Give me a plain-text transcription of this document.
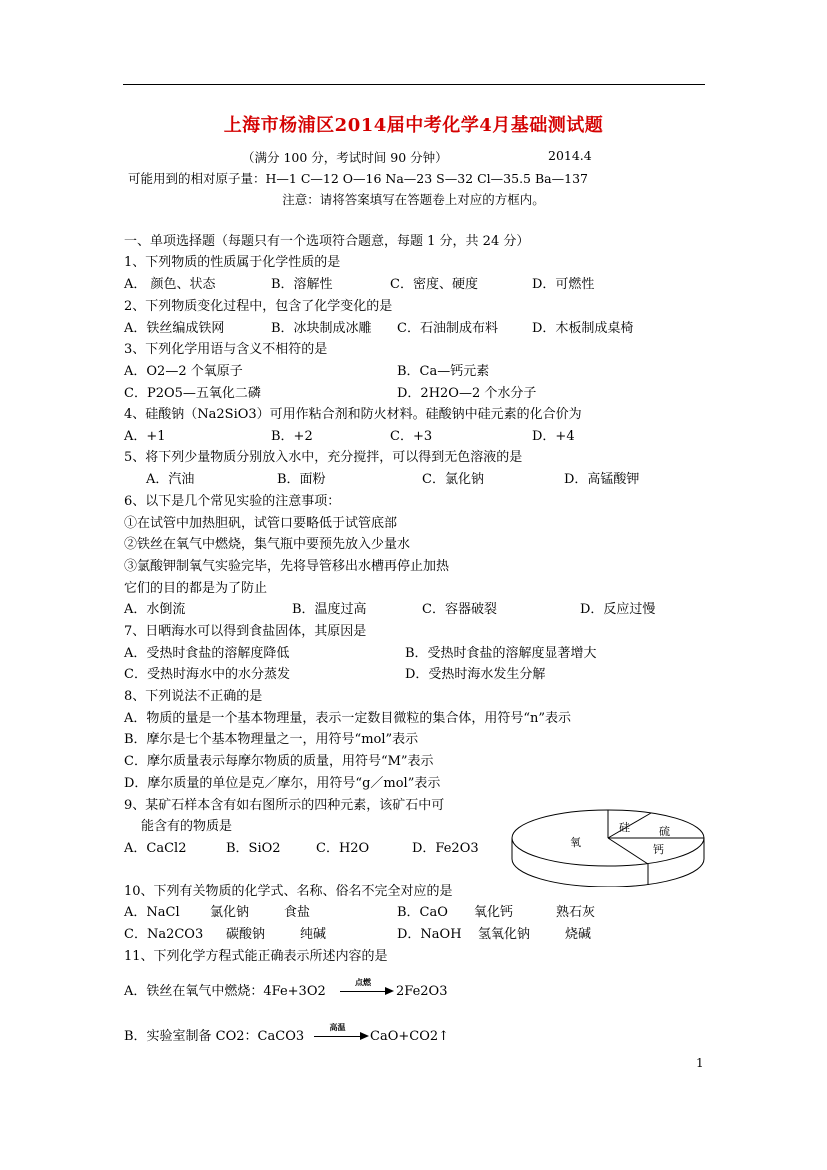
上海市杨浦区2014届中考化学4月基础测试题
（满分 100 分，考试时间 90 分钟）	2014.4
可能用到的相对原子量：H—1 C—12 O—16 Na—23 S—32 Cl—35.5 Ba—137
注意：请将答案填写在答题卷上对应的方框内。
一、单项选择题（每题只有一个选项符合题意，每题 1 分，共 24 分）
1、下列物质的性质属于化学性质的是
A． 颜色、状态	B．溶解性	C．密度、硬度	D．可燃性
2、下列物质变化过程中，包含了化学变化的是
A．铁丝编成铁网	B．冰块制成冰雕 C．石油制成布料	D．木板制成桌椅
3、下列化学用语与含义不相符的是
A．O2—2 个氧原子	B．Ca—钙元素
C．P2O5—五氧化二磷	D．2H2O—2 个水分子
4、硅酸钠（Na2SiO3）可用作粘合剂和防火材料。硅酸钠中硅元素的化合价为
A．+1	B．+2	C．+3	D．+4
5、将下列少量物质分别放入水中，充分搅拌，可以得到无色溶液的是
A．汽油	B．面粉	C．氯化钠	D．高锰酸钾
6、以下是几个常见实验的注意事项：
①在试管中加热胆矾，试管口要略低于试管底部
②铁丝在氧气中燃烧，集气瓶中要预先放入少量水
③氯酸钾制氧气实验完毕，先将导管移出水槽再停止加热
它们的目的都是为了防止
A．水倒流	B．温度过高	C．容器破裂	D．反应过慢
7、日晒海水可以得到食盐固体，其原因是
A．受热时食盐的溶解度降低	B．受热时食盐的溶解度显著增大
C．受热时海水中的水分蒸发	D．受热时海水发生分解
8、下列说法不正确的是
A．物质的量是一个基本物理量，表示一定数目微粒的集合体，用符号“n”表示
B．摩尔是七个基本物理量之一，用符号“mol”表示
C．摩尔质量表示每摩尔物质的质量，用符号“M”表示
D．摩尔质量的单位是克／摩尔，用符号“g／mol”表示
9、某矿石样本含有如右图所示的四种元素，该矿石中可
能含有的物质是
A．CaCl2	B．SiO2	C．H2O	D．Fe2O3	氧
硅	硫
钙
10、下列有关物质的化学式、名称、俗名不完全对应的是
A．NaCl 氯化钠	食盐	B．CaO 氧化钙	熟石灰
C．Na2CO3 碳酸钠	纯碱	D．NaOH 氢氧化钠	烧碱
11、下列化学方程式能正确表示所述内容的是
A．铁丝在氧气中燃烧：4Fe+3O2
点燃
2Fe2O3
B．实验室制备 CO2：CaCO3
高温
CaO+CO2↑
1
